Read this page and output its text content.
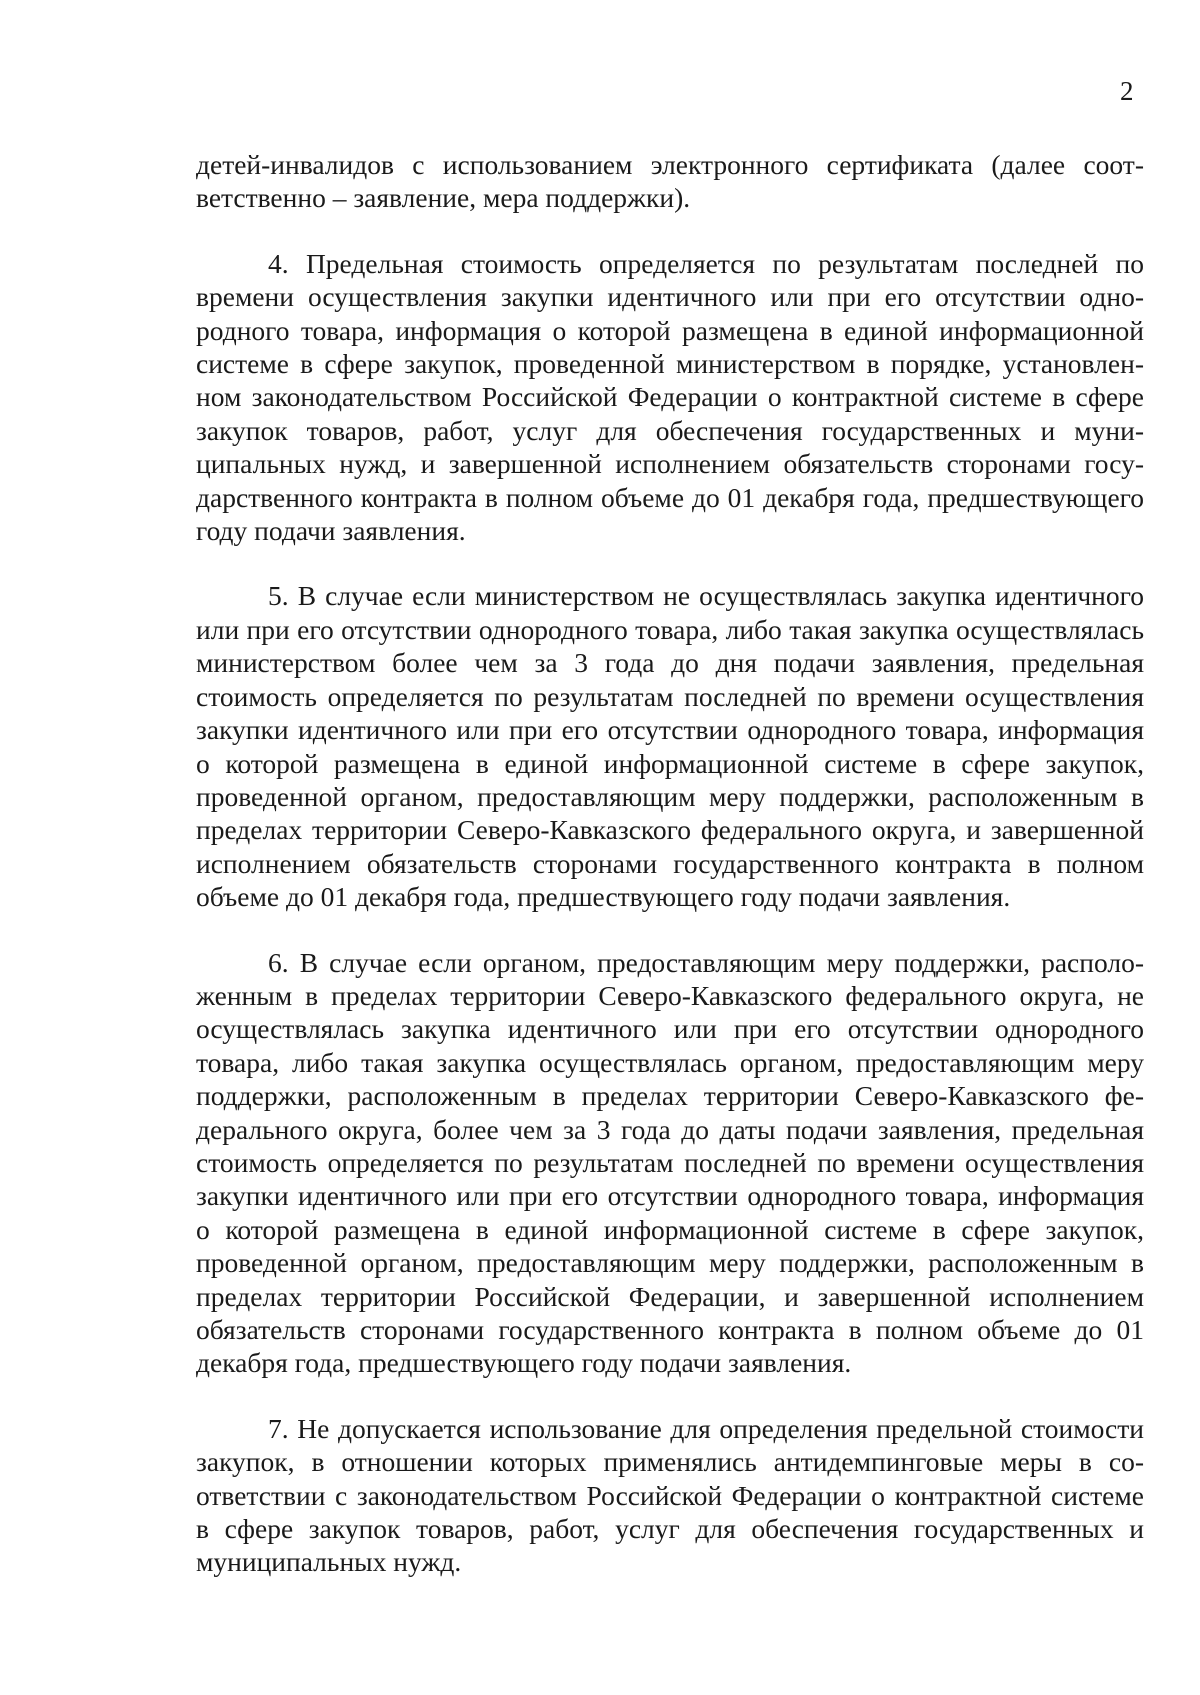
2

детей-инвалидов с использованием электронного сертификата (далее соответственно – заявление, мера поддержки).

4. Предельная стоимость определяется по результатам последней по времени осуществления закупки идентичного или при его отсутствии однородного товара, информация о которой размещена в единой информационной системе в сфере закупок, проведенной министерством в порядке, установленном законодательством Российской Федерации о контрактной системе в сфере закупок товаров, работ, услуг для обеспечения государственных и муниципальных нужд, и завершенной исполнением обязательств сторонами государственного контракта в полном объеме до 01 декабря года, предшествующего году подачи заявления.

5. В случае если министерством не осуществлялась закупка идентичного или при его отсутствии однородного товара, либо такая закупка осуществлялась министерством более чем за 3 года до дня подачи заявления, предельная стоимость определяется по результатам последней по времени осуществления закупки идентичного или при его отсутствии однородного товара, информация о которой размещена в единой информационной системе в сфере закупок, проведенной органом, предоставляющим меру поддержки, расположенным в пределах территории Северо-Кавказского федерального округа, и завершенной исполнением обязательств сторонами государственного контракта в полном объеме до 01 декабря года, предшествующего году подачи заявления.

6. В случае если органом, предоставляющим меру поддержки, расположенным в пределах территории Северо-Кавказского федерального округа, не осуществлялась закупка идентичного или при его отсутствии однородного товара, либо такая закупка осуществлялась органом, предоставляющим меру поддержки, расположенным в пределах территории Северо-Кавказского федерального округа, более чем за 3 года до даты подачи заявления, предельная стоимость определяется по результатам последней по времени осуществления закупки идентичного или при его отсутствии однородного товара, информация о которой размещена в единой информационной системе в сфере закупок, проведенной органом, предоставляющим меру поддержки, расположенным в пределах территории Российской Федерации, и завершенной исполнением обязательств сторонами государственного контракта в полном объеме до 01 декабря года, предшествующего году подачи заявления.

7. Не допускается использование для определения предельной стоимости закупок, в отношении которых применялись антидемпинговые меры в соответствии с законодательством Российской Федерации о контрактной системе в сфере закупок товаров, работ, услуг для обеспечения государственных и муниципальных нужд.
